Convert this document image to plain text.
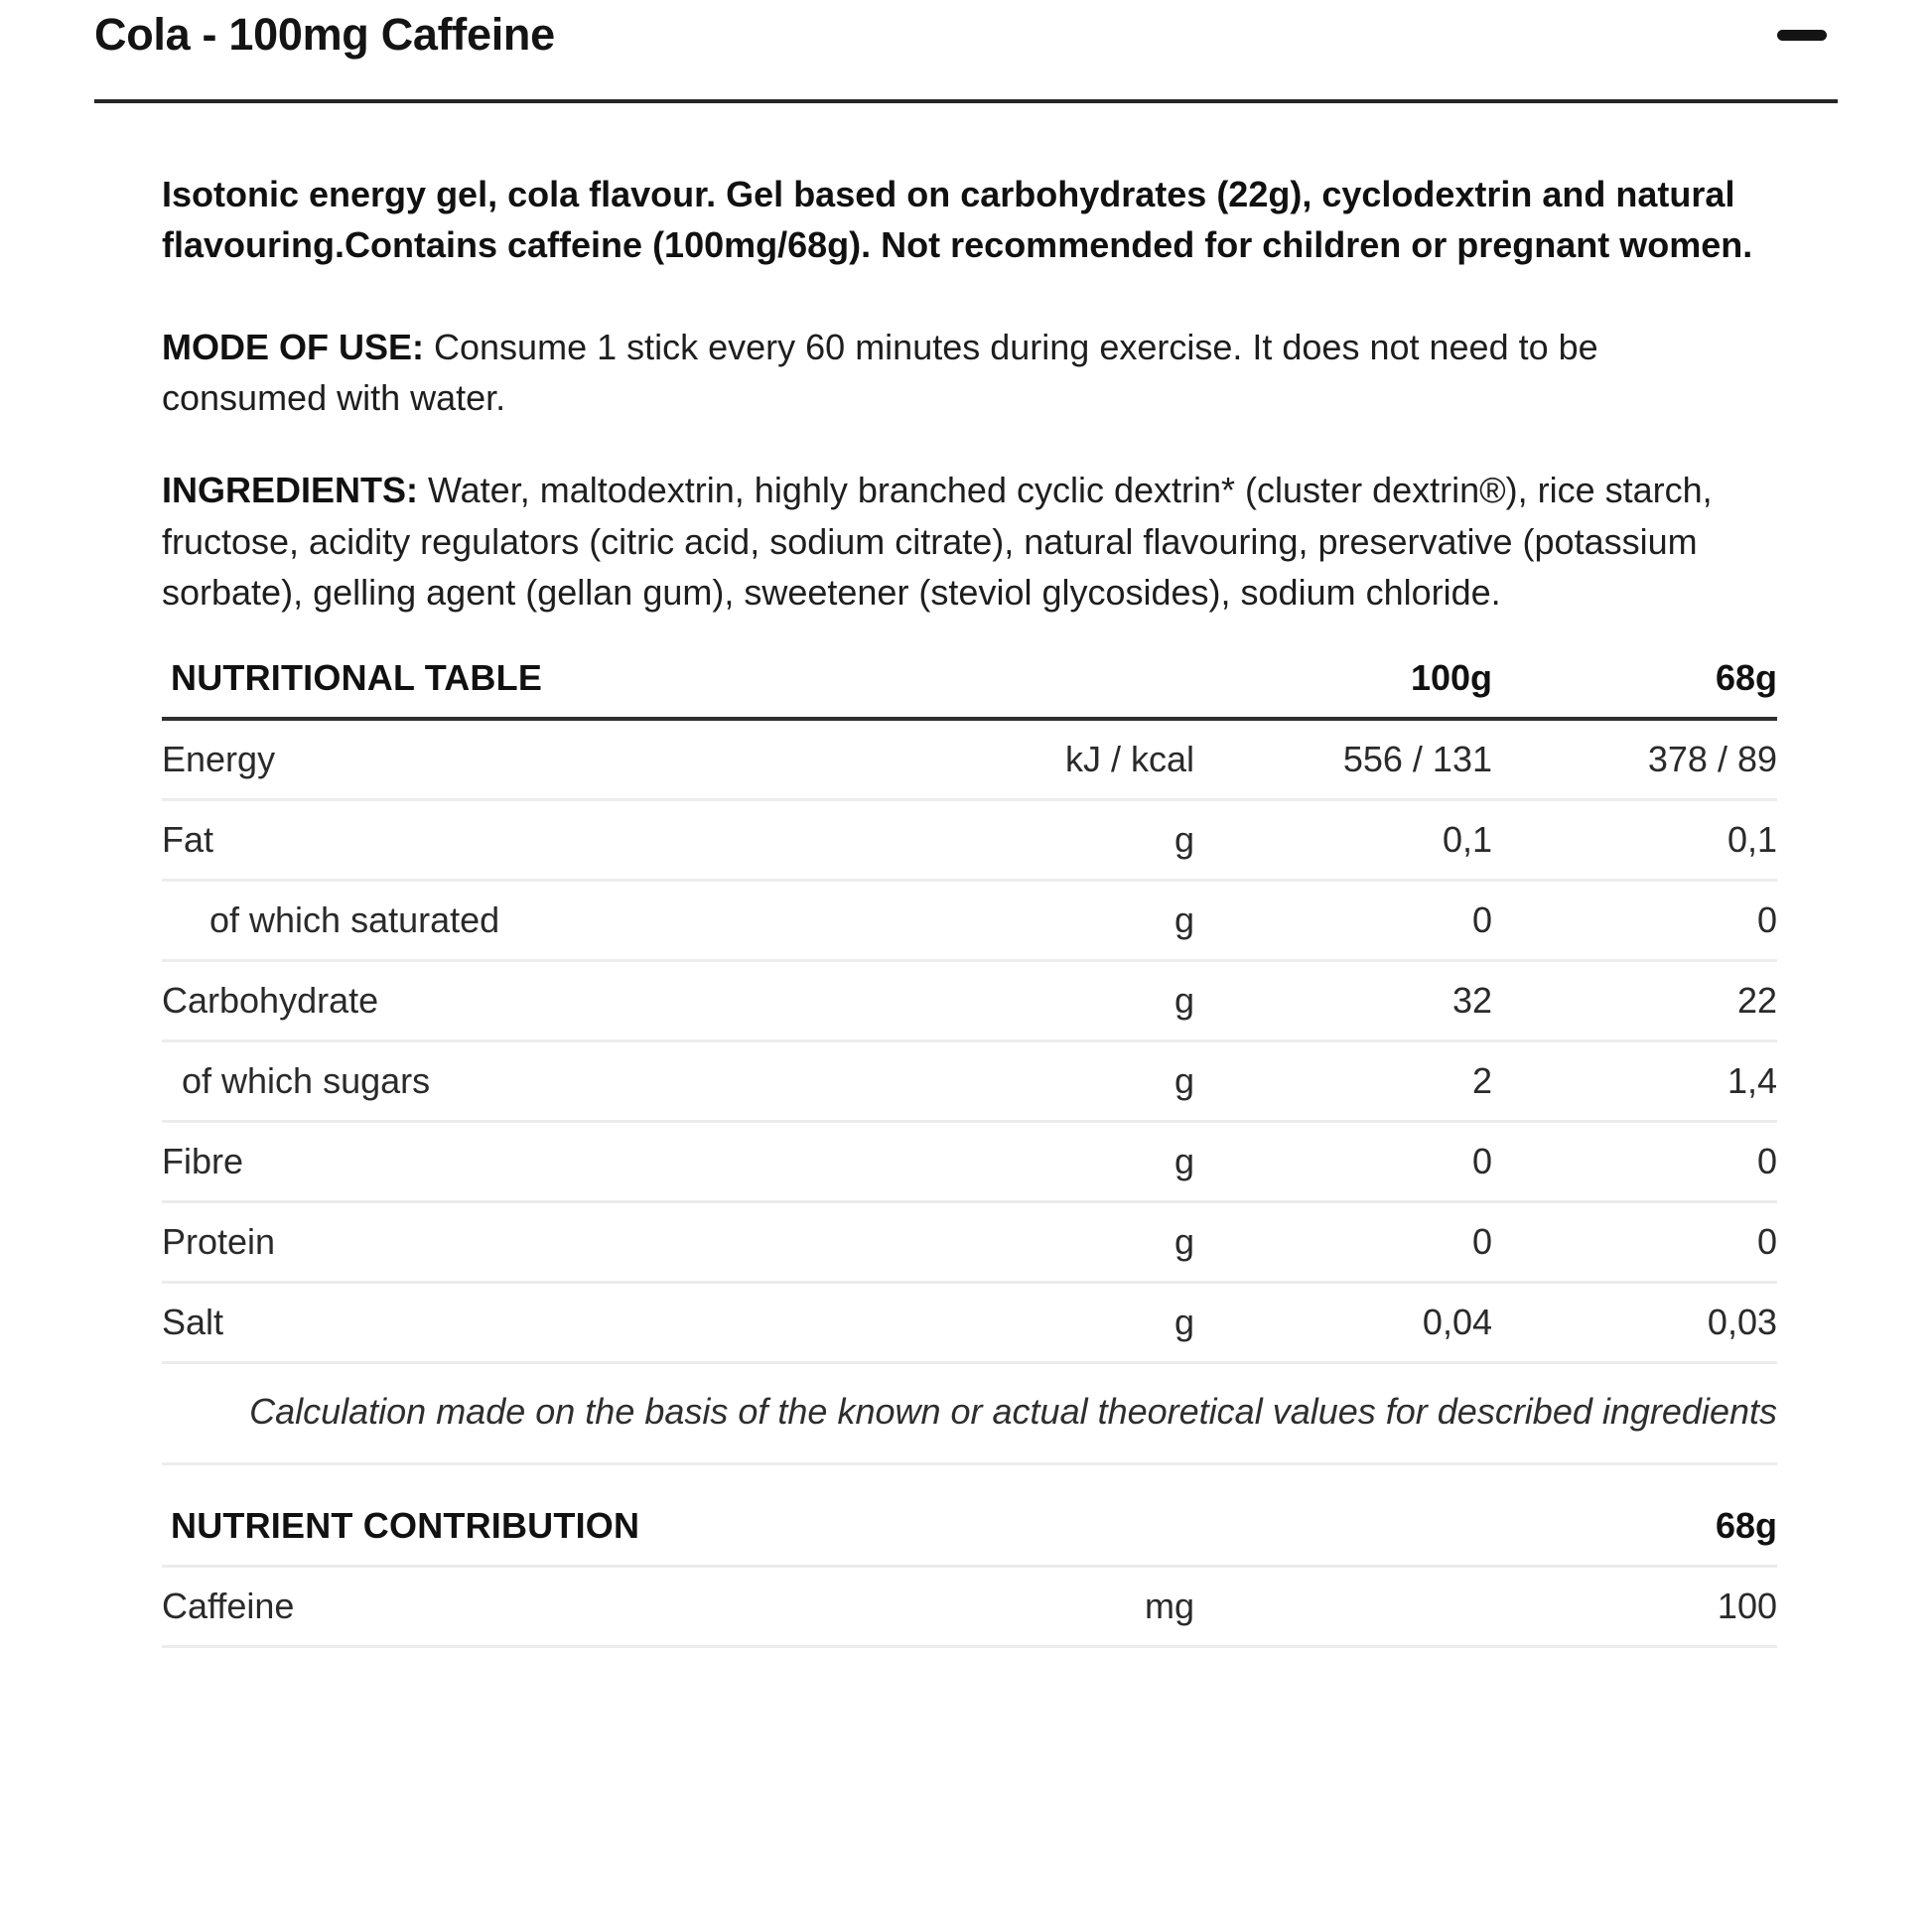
Cola - 100mg Caffeine

Isotonic energy gel, cola flavour. Gel based on carbohydrates (22g), cyclodextrin and natural flavouring.Contains caffeine (100mg/68g). Not recommended for children or pregnant women.

MODE OF USE: Consume 1 stick every 60 minutes during exercise. It does not need to be consumed with water.

INGREDIENTS: Water, maltodextrin, highly branched cyclic dextrin* (cluster dextrin®), rice starch, fructose, acidity regulators (citric acid, sodium citrate), natural flavouring, preservative (potassium sorbate), gelling agent (gellan gum), sweetener (steviol glycosides), sodium chloride.

NUTRITIONAL TABLE		100g	68g
Energy	kJ / kcal	556 / 131	378 / 89
Fat	g	0,1	0,1
of which saturated	g	0	0
Carbohydrate	g	32	22
of which sugars	g	2	1,4
Fibre	g	0	0
Protein	g	0	0
Salt	g	0,04	0,03

Calculation made on the basis of the known or actual theoretical values for described ingredients			
NUTRIENT CONTRIBUTION			68g
Caffeine	mg		100
